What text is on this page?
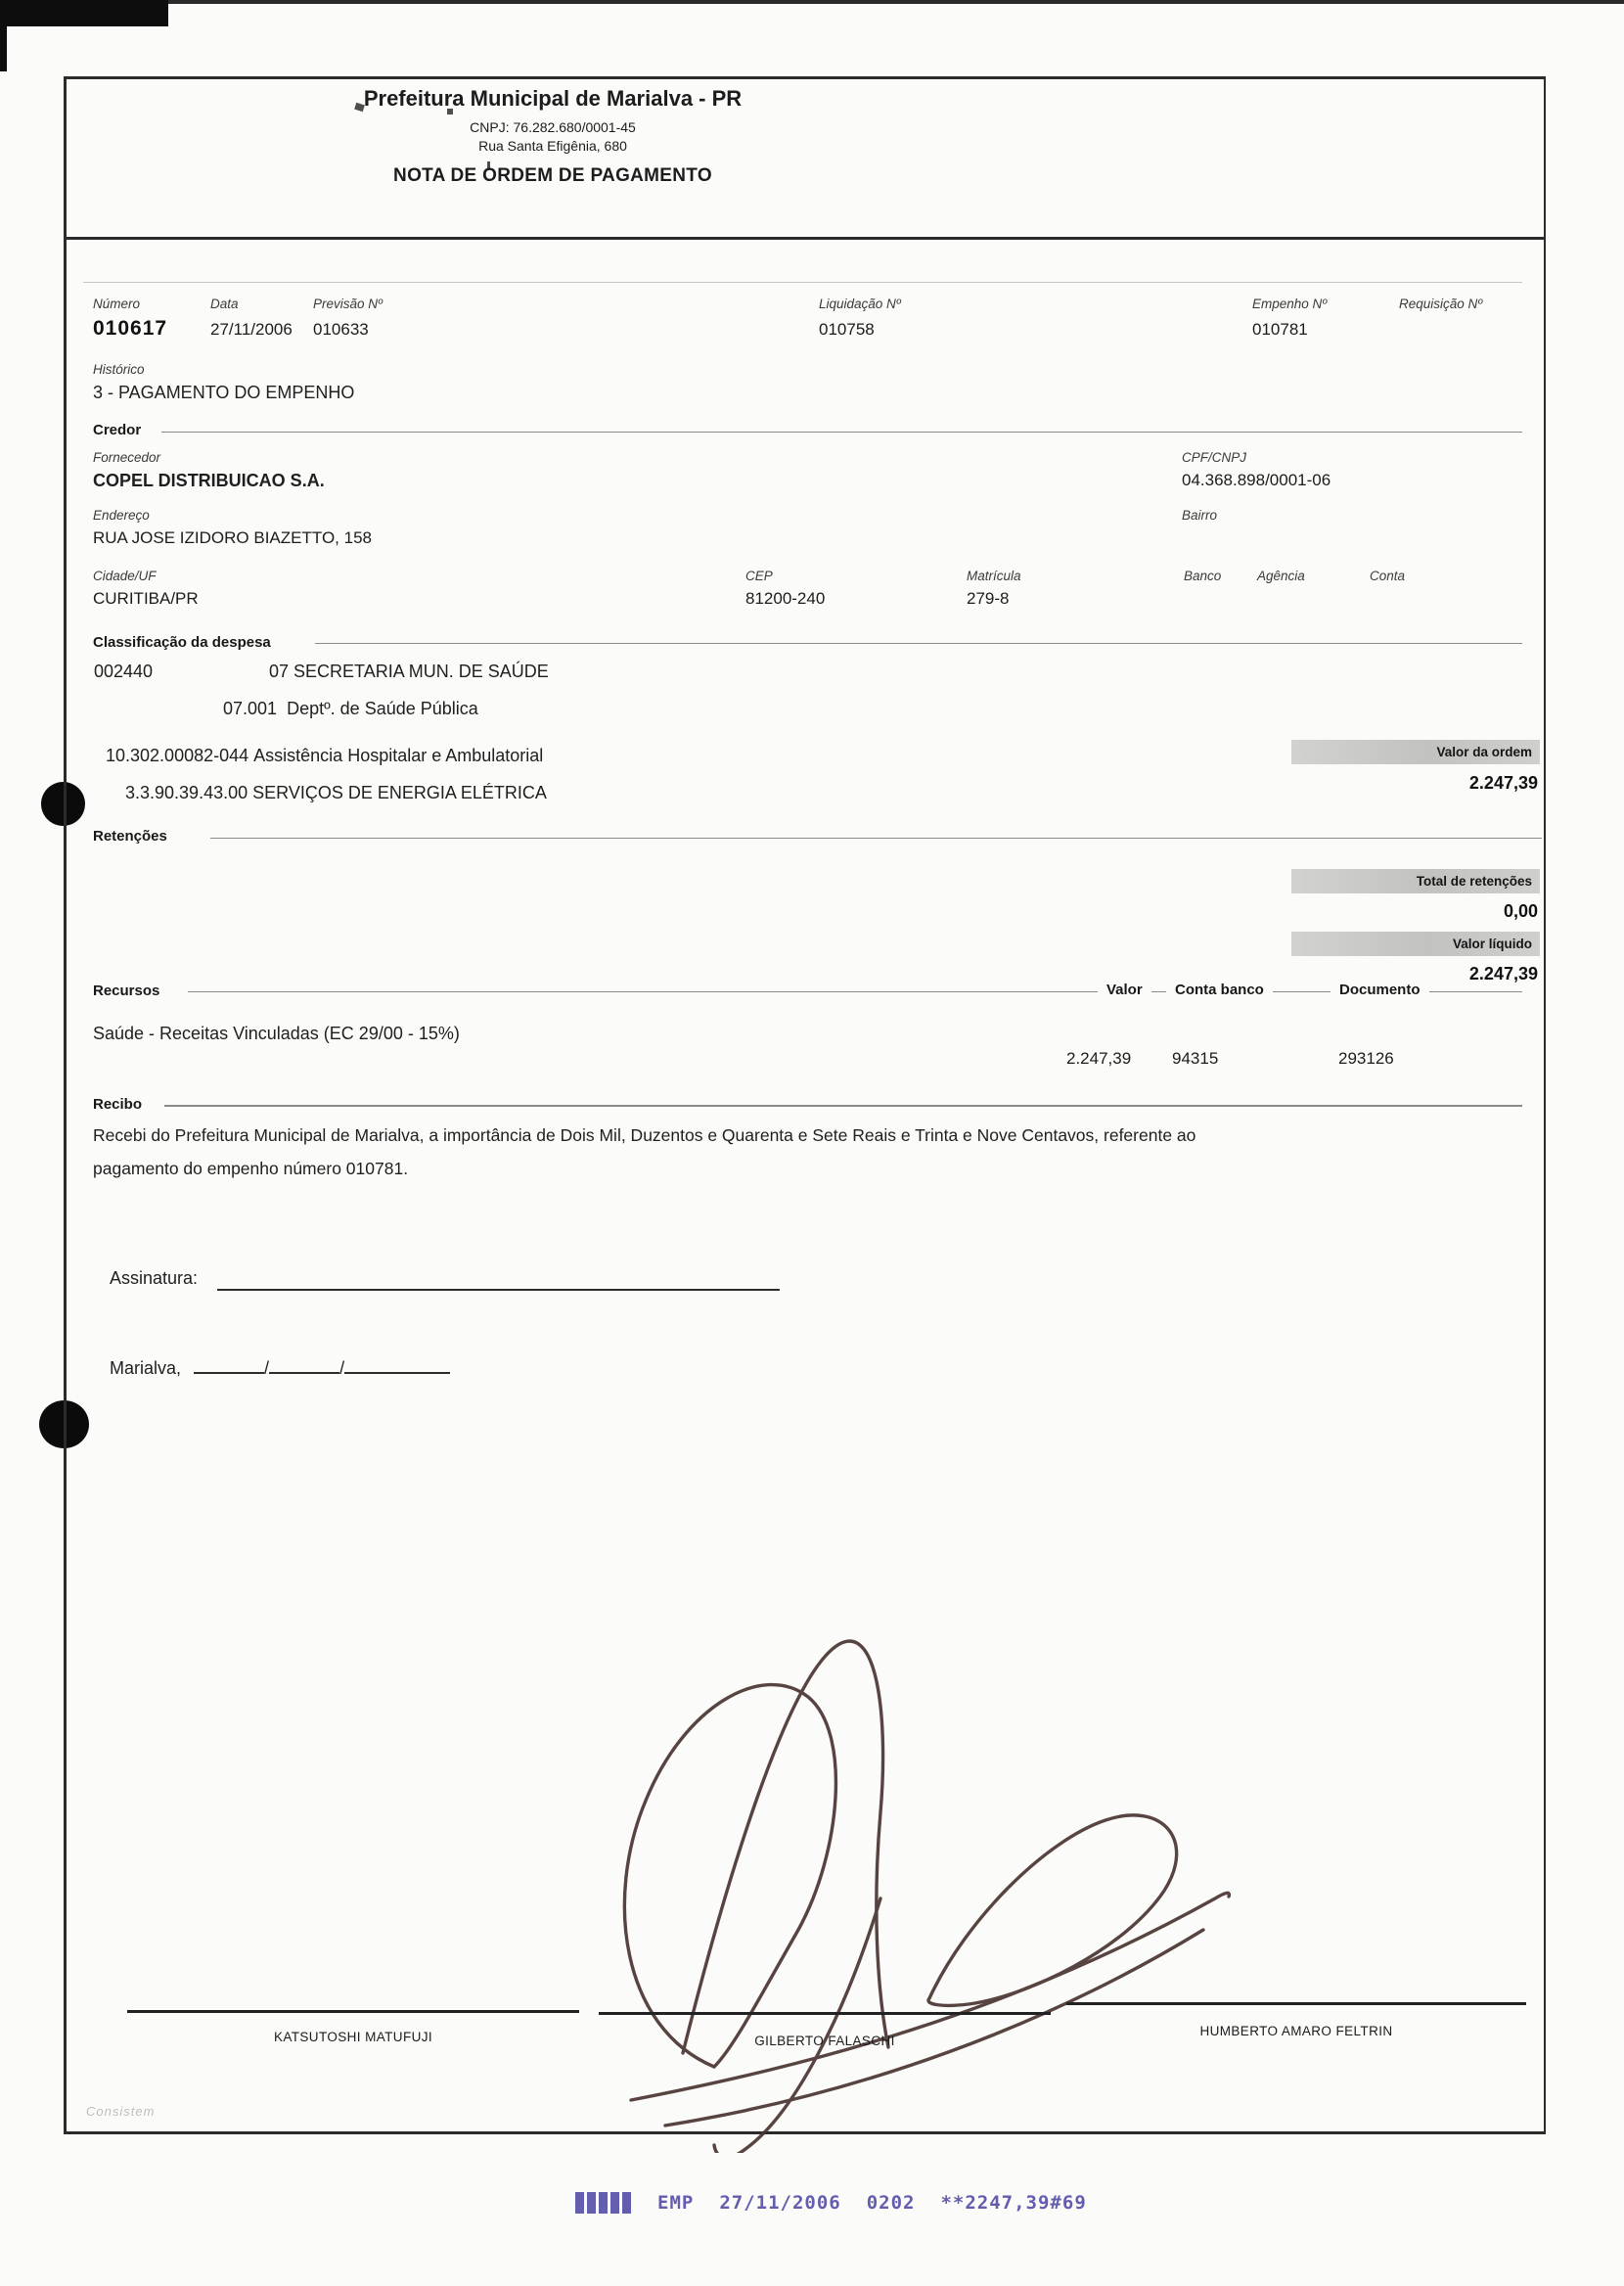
Prefeitura Municipal de Marialva - PR
CNPJ: 76.282.680/0001-45
Rua Santa Efigênia, 680
NOTA DE ORDEM DE PAGAMENTO
Número
010617
Data
27/11/2006
Previsão Nº
010633
Liquidação Nº
010758
Empenho Nº
010781
Requisição Nº
Histórico
3 - PAGAMENTO DO EMPENHO
Credor
Fornecedor
COPEL DISTRIBUICAO S.A.
CPF/CNPJ
04.368.898/0001-06
Endereço
RUA JOSE IZIDORO BIAZETTO, 158
Bairro
Cidade/UF
CURITIBA/PR
CEP
81200-240
Matrícula
279-8
Banco	Agência	Conta
Classificação da despesa
002440	07 SECRETARIA MUN. DE SAÚDE
07.001 Deptº. de Saúde Pública
10.302.00082-044 Assistência Hospitalar e Ambulatorial
3.3.90.39.43.00 SERVIÇOS DE ENERGIA ELÉTRICA
Valor da ordem
2.247,39
Retenções
Total de retenções
0,00
Valor líquido
2.247,39
Recursos	Valor	Conta banco	Documento
Saúde - Receitas Vinculadas (EC 29/00 - 15%)
2.247,39 94315	293126
Recibo
Recebi do Prefeitura Municipal de Marialva, a importância de Dois Mil, Duzentos e Quarenta e Sete Reais e Trinta e Nove Centavos, referente ao
pagamento do empenho número 010781.
Assinatura:
Marialva,	/	/
KATSUTOSHI MATUFUJI	GILBERTO FALASCHI
HUMBERTO AMARO FELTRIN
Consistem
EMP 27/11/2006 0202 **2247,39#69
